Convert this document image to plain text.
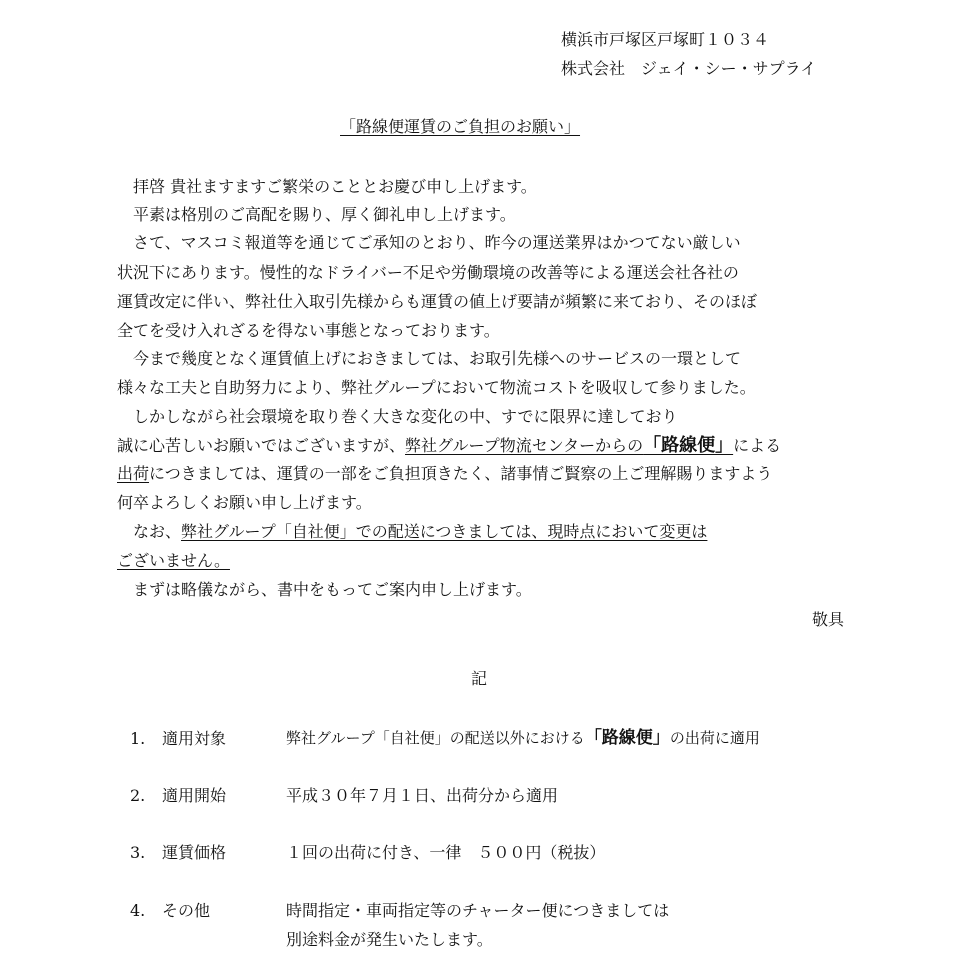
横浜市戸塚区戸塚町１０３４
株式会社　ジェイ・シー・サプライ
「路線便運賃のご負担のお願い」
　拝啓 貴社ますますご繁栄のこととお慶び申し上げます。
　平素は格別のご高配を賜り、厚く御礼申し上げます。
　さて、マスコミ報道等を通じてご承知のとおり、昨今の運送業界はかつてない厳しい
状況下にあります。慢性的なドライバー不足や労働環境の改善等による運送会社各社の
運賃改定に伴い、弊社仕入取引先様からも運賃の値上げ要請が頻繁に来ており、そのほぼ
全てを受け入れざるを得ない事態となっております。
　今まで幾度となく運賃値上げにおきましては、お取引先様へのサービスの一環として
様々な工夫と自助努力により、弊社グループにおいて物流コストを吸収して参りました。
　しかしながら社会環境を取り巻く大きな変化の中、すでに限界に達しており
誠に心苦しいお願いではございますが、弊社グループ物流センターからの「路線便」による
出荷につきましては、運賃の一部をご負担頂きたく、諸事情ご賢察の上ご理解賜りますよう
何卒よろしくお願い申し上げます。
　なお、弊社グループ「自社便」での配送につきましては、現時点において変更は
ございません。
　まずは略儀ながら、書中をもってご案内申し上げます。
敬具
記
1. 適用対象	弊社グループ「自社便」の配送以外における「路線便」の出荷に適用
2. 適用開始	平成３０年７月１日、出荷分から適用
3. 運賃価格	１回の出荷に付き、一律　５００円（税抜）
4. その他	時間指定・車両指定等のチャーター便につきましては
別途料金が発生いたします。
